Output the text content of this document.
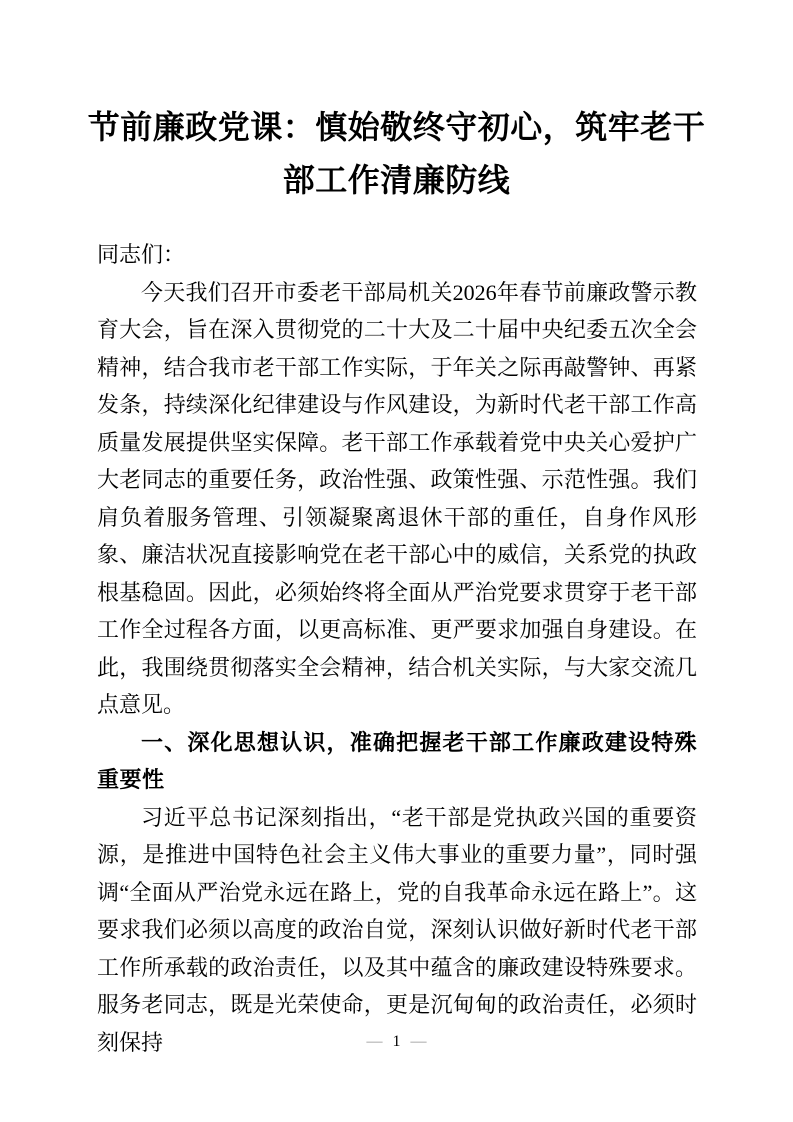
节前廉政党课：慎始敬终守初心，筑牢老干部工作清廉防线

同志们：

今天我们召开市委老干部局机关2026年春节前廉政警示教育大会，旨在深入贯彻党的二十大及二十届中央纪委五次全会精神，结合我市老干部工作实际，于年关之际再敲警钟、再紧发条，持续深化纪律建设与作风建设，为新时代老干部工作高质量发展提供坚实保障。老干部工作承载着党中央关心爱护广大老同志的重要任务，政治性强、政策性强、示范性强。我们肩负着服务管理、引领凝聚离退休干部的重任，自身作风形象、廉洁状况直接影响党在老干部心中的威信，关系党的执政根基稳固。因此，必须始终将全面从严治党要求贯穿于老干部工作全过程各方面，以更高标准、更严要求加强自身建设。在此，我围绕贯彻落实全会精神，结合机关实际，与大家交流几点意见。

一、深化思想认识，准确把握老干部工作廉政建设特殊重要性

习近平总书记深刻指出，“老干部是党执政兴国的重要资源，是推进中国特色社会主义伟大事业的重要力量”，同时强调“全面从严治党永远在路上，党的自我革命永远在路上”。这要求我们必须以高度的政治自觉，深刻认识做好新时代老干部工作所承载的政治责任，以及其中蕴含的廉政建设特殊要求。服务老同志，既是光荣使命，更是沉甸甸的政治责任，必须时刻保持	— 1 —
